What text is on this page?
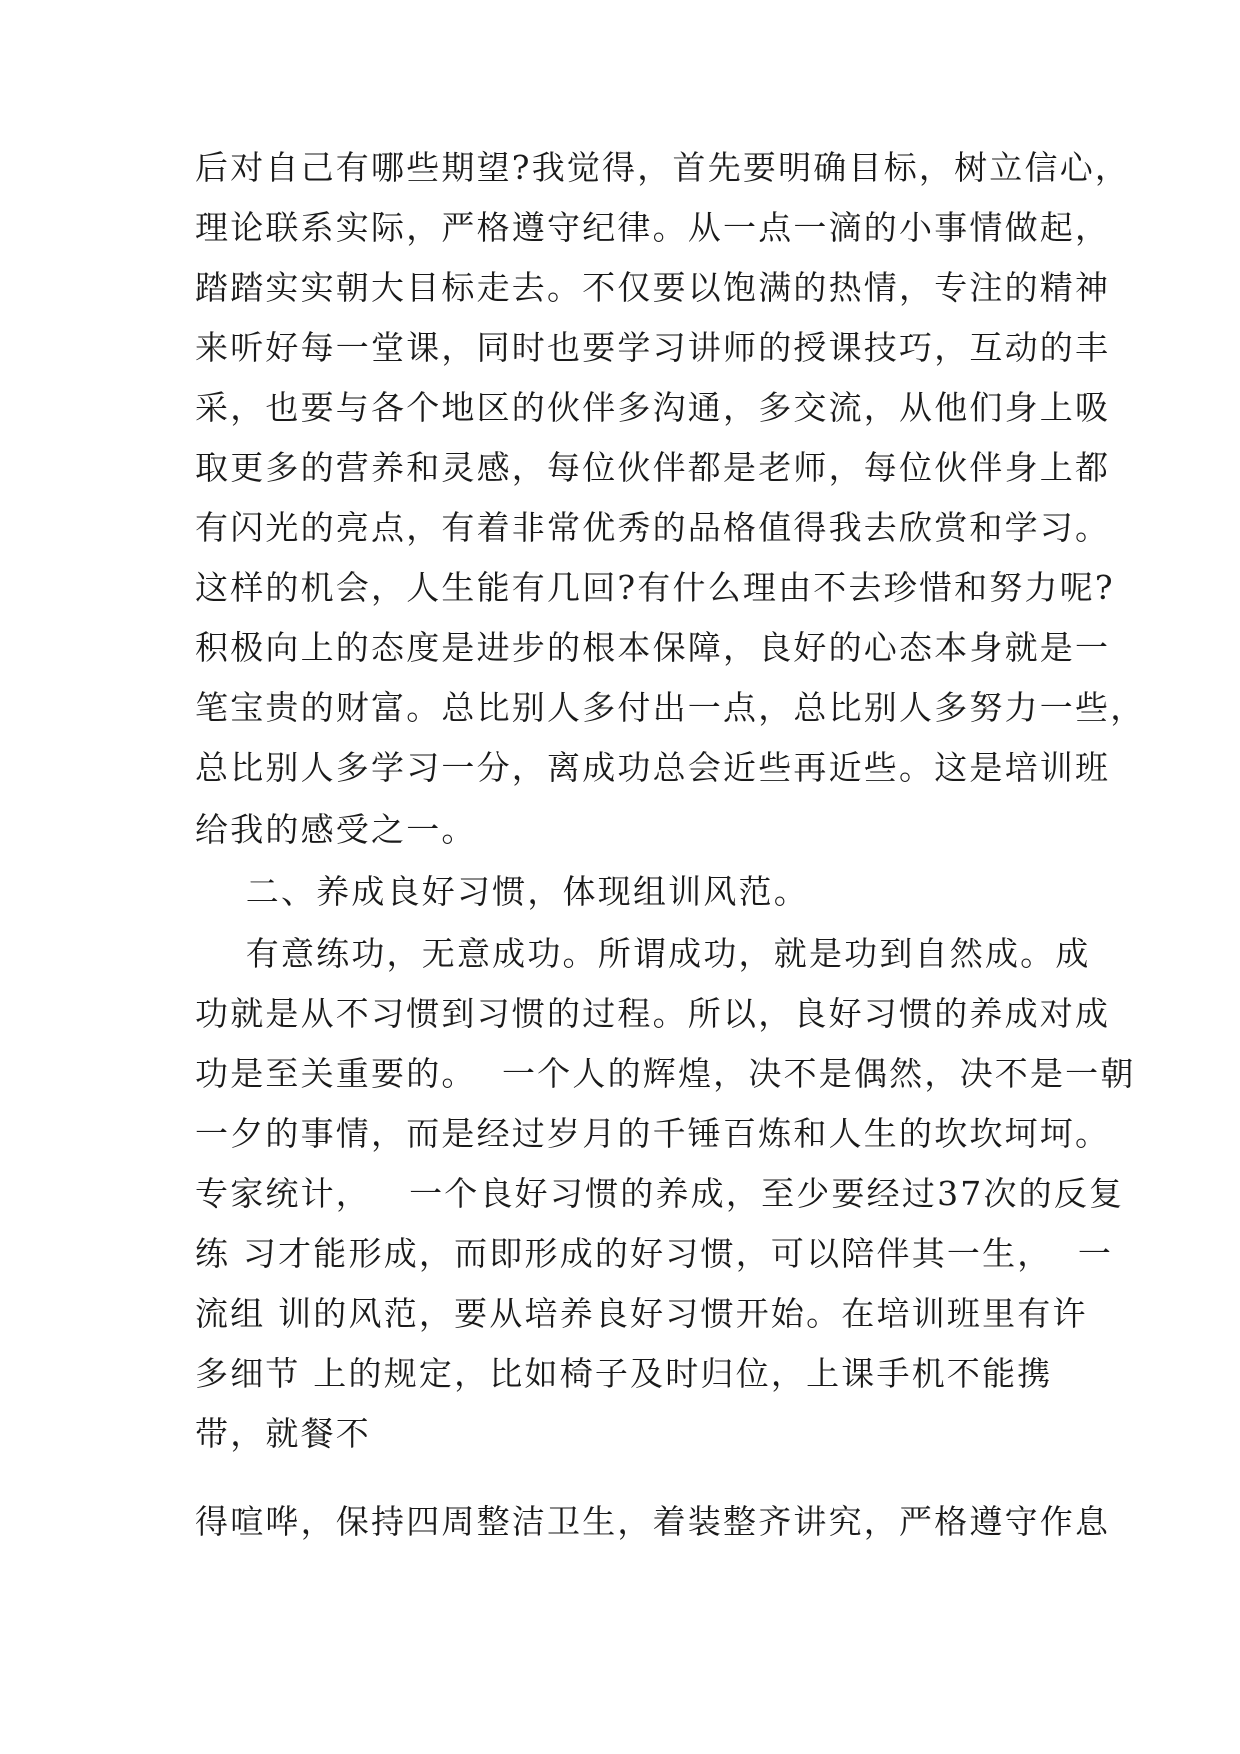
后对自己有哪些期望?我觉得，首先要明确目标，树立信心，
理论联系实际，严格遵守纪律。从一点一滴的小事情做起，
踏踏实实朝大目标走去。不仅要以饱满的热情，专注的精神
来听好每一堂课，同时也要学习讲师的授课技巧，互动的丰
采，也要与各个地区的伙伴多沟通，多交流，从他们身上吸
取更多的营养和灵感，每位伙伴都是老师，每位伙伴身上都
有闪光的亮点，有着非常优秀的品格值得我去欣赏和学习。
这样的机会，人生能有几回?有什么理由不去珍惜和努力呢?
积极向上的态度是进步的根本保障，良好的心态本身就是一
笔宝贵的财富。总比别人多付出一点，总比别人多努力一些，
总比别人多学习一分，离成功总会近些再近些。这是培训班
给我的感受之一。
二、养成良好习惯，体现组训风范。
有意练功，无意成功。所谓成功，就是功到自然成。成
功就是从不习惯到习惯的过程。所以，良好习惯的养成对成
功是至关重要的。  一个人的辉煌，决不是偶然，决不是一朝
一夕的事情，而是经过岁月的千锤百炼和人生的坎坎坷坷。
专家统计，   一个良好习惯的养成，至少要经过37次的反复
练 习才能形成，而即形成的好习惯，可以陪伴其一生，  一
流组 训的风范，要从培养良好习惯开始。在培训班里有许
多细节 上的规定，比如椅子及时归位，上课手机不能携
带，就餐不
得喧哗，保持四周整洁卫生，着装整齐讲究，严格遵守作息
